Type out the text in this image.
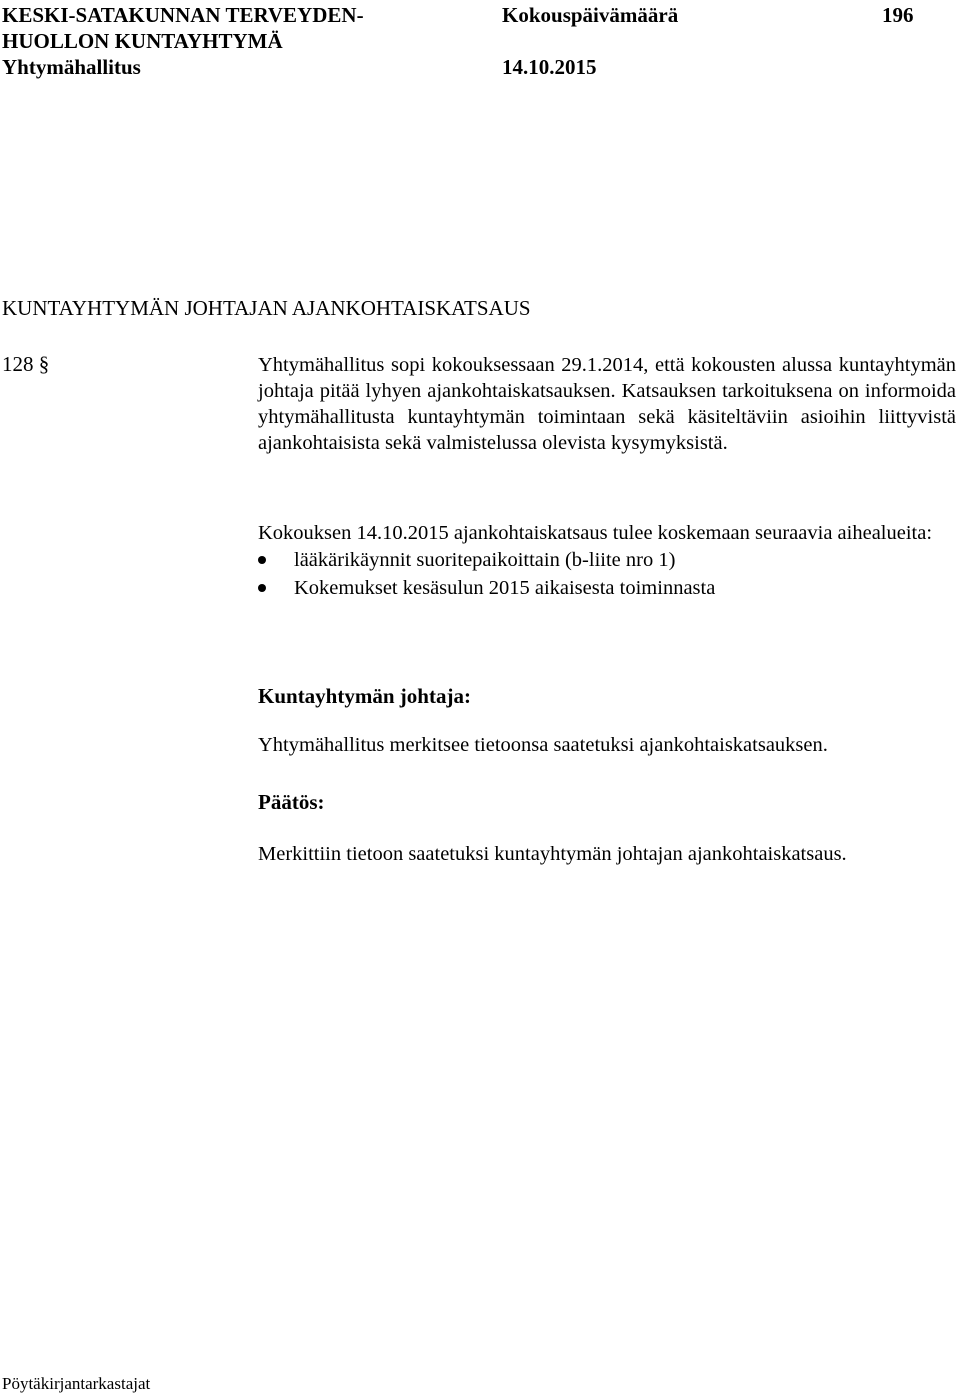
KESKI-SATAKUNNAN TERVEYDEN-
HUOLLON KUNTAYHTYMÄ
Yhtymähallitus
Kokouspäivämäärä	196
14.10.2015
KUNTAYHTYMÄN JOHTAJAN AJANKOHTAISKATSAUS
128 §	Yhtymähallitus sopi kokouksessaan 29.1.2014, että kokousten alussa kuntayhtymän johtaja pitää lyhyen ajankohtaiskatsauksen. Katsauksen tarkoituksena on informoida yhtymähallitusta kuntayhtymän toimintaan sekä käsiteltäviin asioihin liittyvistä ajankohtaisista sekä valmistelussa olevista kysymyksistä.

Kokouksen 14.10.2015 ajankohtaiskatsaus tulee koskemaan seuraavia aihealueita:

lääkärikäynnit suoritepaikoittain (b-liite nro 1)
Kokemukset kesäsulun 2015 aikaisesta toiminnasta
Kuntayhtymän johtaja:
Yhtymähallitus merkitsee tietoonsa saatetuksi ajankohtaiskatsauksen.
Päätös:
Merkittiin tietoon saatetuksi kuntayhtymän johtajan ajankohtaiskatsaus.
Pöytäkirjantarkastajat
